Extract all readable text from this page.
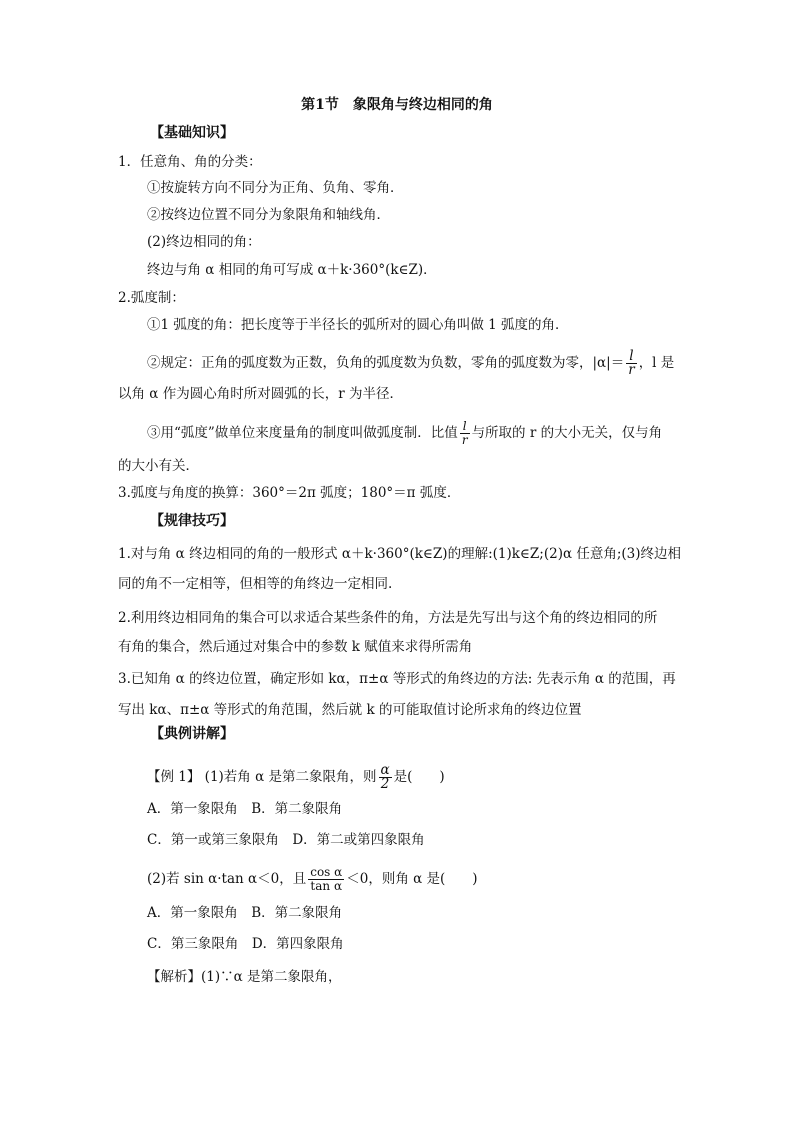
第1节　象限角与终边相同的角
【基础知识】
1．任意角、角的分类：
①按旋转方向不同分为正角、负角、零角．
②按终边位置不同分为象限角和轴线角．
(2)终边相同的角：
终边与角 α 相同的角可写成 α＋k·360°(k∈Z)．
2.弧度制：
①1 弧度的角：把长度等于半径长的弧所对的圆心角叫做 1 弧度的角．
②规定：正角的弧度数为正数，负角的弧度数为负数，零角的弧度数为零，$|\alpha|= \frac{l}{r}$ ，l 是
以角 α 作为圆心角时所对圆弧的长，r 为半径．
③用“弧度”做单位来度量角的制度叫做弧度制．比值 $\frac{l}{r}$ 与所取的 r 的大小无关，仅与角
的大小有关．
3.弧度与角度的换算：360°＝2π 弧度；180°＝π 弧度．
【规律技巧】
1.对与角 α 终边相同的角的一般形式 α＋k·360°(k∈Z)的理解:(1)k∈Z;(2)α 任意角;(3)终边相
同的角不一定相等，但相等的角终边一定相同.
2.利用终边相同角的集合可以求适合某些条件的角，方法是先写出与这个角的终边相同的所
有角的集合，然后通过对集合中的参数 k 赋值来求得所需角
3.已知角 α 的终边位置，确定形如 kα，π±α 等形式的角终边的方法: 先表示角 α 的范围，再
写出 kα、π±α 等形式的角范围，然后就 k 的可能取值讨论所求角的终边位置
【典例讲解】
【例 1】 (1)若角 α 是第二象限角，则 $\frac{\alpha}{2}$ 是(　　)
A．第一象限角　B．第二象限角
C．第一或第三象限角　D．第二或第四象限角
(2)若 sin α·tan α＜0，且 $\frac{\text{cos α}}{\text{tan α}} <0$，则角 α 是(　　)
A．第一象限角　B．第二象限角
C．第三象限角　D．第四象限角
【解析】(1)∵α 是第二象限角，
